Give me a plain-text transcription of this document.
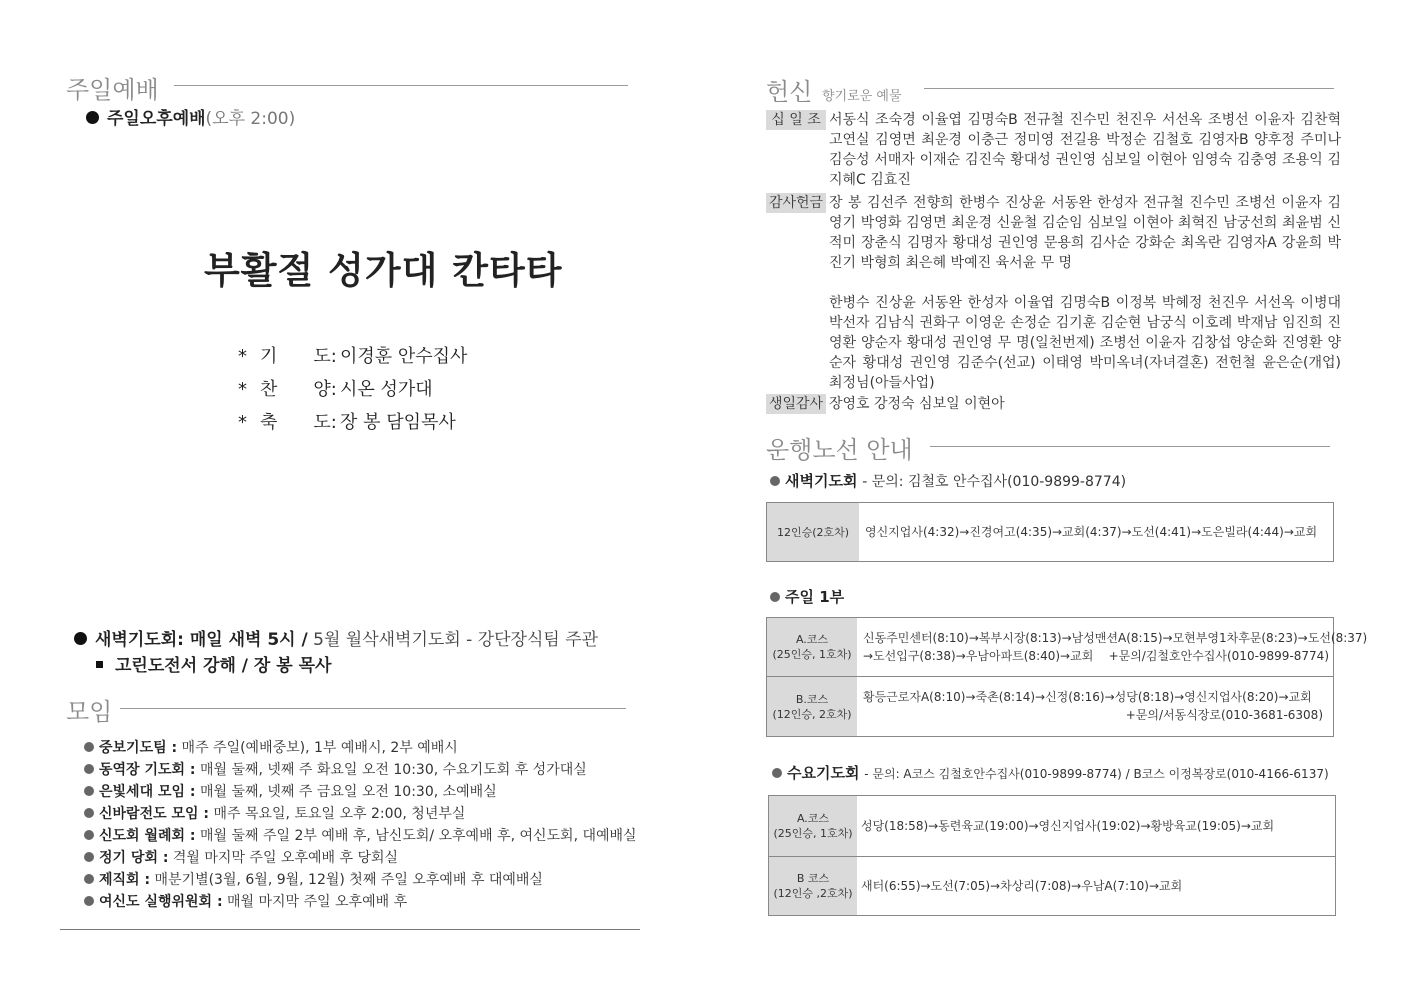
주일예배
주일오후예배(오후 2:00)
부활절 성가대 칸타타
* 기　　도: 이경훈 안수집사
* 찬　　양: 시온 성가대
* 축　　도: 장 봉 담임목사
새벽기도회: 매일 새벽 5시 / 5월 월삭새벽기도회 - 강단장식팀 주관
고린도전서 강해 / 장 봉 목사
모임
중보기도팀 : 매주 주일(예배중보), 1부 예배시, 2부 예배시
동역장 기도회 : 매월 둘째, 넷째 주 화요일 오전 10:30, 수요기도회 후 성가대실
은빛세대 모임 : 매월 둘째, 넷째 주 금요일 오전 10:30, 소예배실
신바람전도 모임 : 매주 목요일, 토요일 오후 2:00, 청년부실
신도회 월례회 : 매월 둘째 주일 2부 예배 후, 남신도회/ 오후예배 후, 여신도회, 대예배실
정기 당회 : 격월 마지막 주일 오후예배 후 당회실
제직회 : 매분기별(3월, 6월, 9월, 12월) 첫째 주일 오후예배 후 대예배실
여신도 실행위원회 : 매월 마지막 주일 오후예배 후
헌신 향기로운 예물
십 일 조 서동식 조숙경 이율엽 김명숙B 전규철 진수민 천진우 서선옥 조병선 이윤자 김찬혁 고연실 김영면 최운경 이충근 정미영 전길용 박정순 김철호 김영자B 양후정 주미나 김승성 서매자 이재순 김진숙 황대성 권인영 심보일 이현아 임영숙 김충영 조용익 김지혜C 김효진
감사헌금 장 봉 김선주 전향희 한병수 진상윤 서동완 한성자 전규철 진수민 조병선 이윤자 김영기 박영화 김영면 최운경 신윤철 김순임 심보일 이현아 최혁진 남궁선희 최윤범 신적미 장춘식 김명자 황대성 권인영 문용희 김사순 강화순 최옥란 김영자A 강윤희 박진기 박형희 최은혜 박예진 육서윤 무 명
한병수 진상윤 서동완 한성자 이율엽 김명숙B 이정복 박혜정 천진우 서선옥 이병대 박선자 김남식 권화구 이영운 손정순 김기훈 김순현 남궁식 이호례 박재남 임진희 진영환 양순자 황대성 권인영 무 명(일천번제) 조병선 이윤자 김창섭 양순화 진영환 양순자 황대성 권인영 김준수(선교) 이태영 박미옥녀(자녀결혼) 전헌철 윤은순(개업) 최정님(아들사업)
생일감사 장영호 강정숙 심보일 이현아
운행노선 안내
새벽기도회 - 문의: 김철호 안수집사(010-9899-8774)
12인승(2호차) 영신지업사(4:32)→진경여고(4:35)→교회(4:37)→도선(4:41)→도은빌라(4:44)→교회
주일 1부
A.코스
(25인승, 1호차)
신동주민센터(8:10)→복부시장(8:13)→남성맨션A(8:15)→모현부영1차후문(8:23)→도선(8:37)
→도선입구(8:38)→우남아파트(8:40)→교회 +문의/김철호안수집사(010-9899-8774)
B.코스
(12인승, 2호차)
황등근로자A(8:10)→죽촌(8:14)→신정(8:16)→성당(8:18)→영신지업사(8:20)→교회
+문의/서동식장로(010-3681-6308)
수요기도회 - 문의: A코스 김철호안수집사(010-9899-8774) / B코스 이정복장로(010-4166-6137)
A.코스
(25인승, 1호차)
성당(18:58)→동련육교(19:00)→영신지업사(19:02)→황방육교(19:05)→교회
B 코스
(12인승 ,2호차)
새터(6:55)→도선(7:05)→차상리(7:08)→우남A(7:10)→교회
